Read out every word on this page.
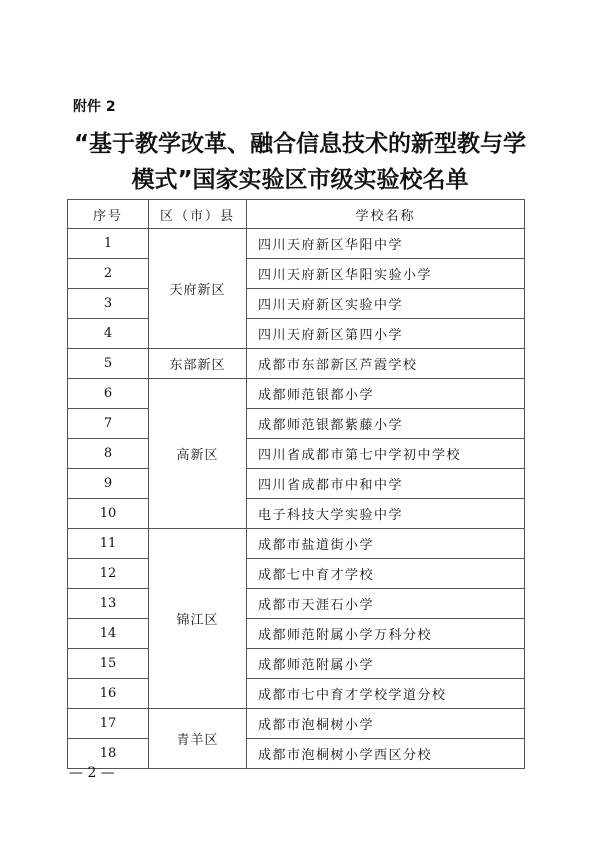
附件 2
“基于教学改革、融合信息技术的新型教与学
模式”国家实验区市级实验校名单
序号	区（市）县	学校名称
1	天府新区	四川天府新区华阳中学
2		四川天府新区华阳实验小学
3		四川天府新区实验中学
4		四川天府新区第四小学
5	东部新区	成都市东部新区芦霞学校
6	高新区	成都师范银都小学
7		成都师范银都紫藤小学
8		四川省成都市第七中学初中学校
9		四川省成都市中和中学
10		电子科技大学实验中学
11	锦江区	成都市盐道街小学
12		成都七中育才学校
13		成都市天涯石小学
14		成都师范附属小学万科分校
15		成都师范附属小学
16		成都市七中育才学校学道分校
17	青羊区	成都市泡桐树小学
18		成都市泡桐树小学西区分校
— 2 —
